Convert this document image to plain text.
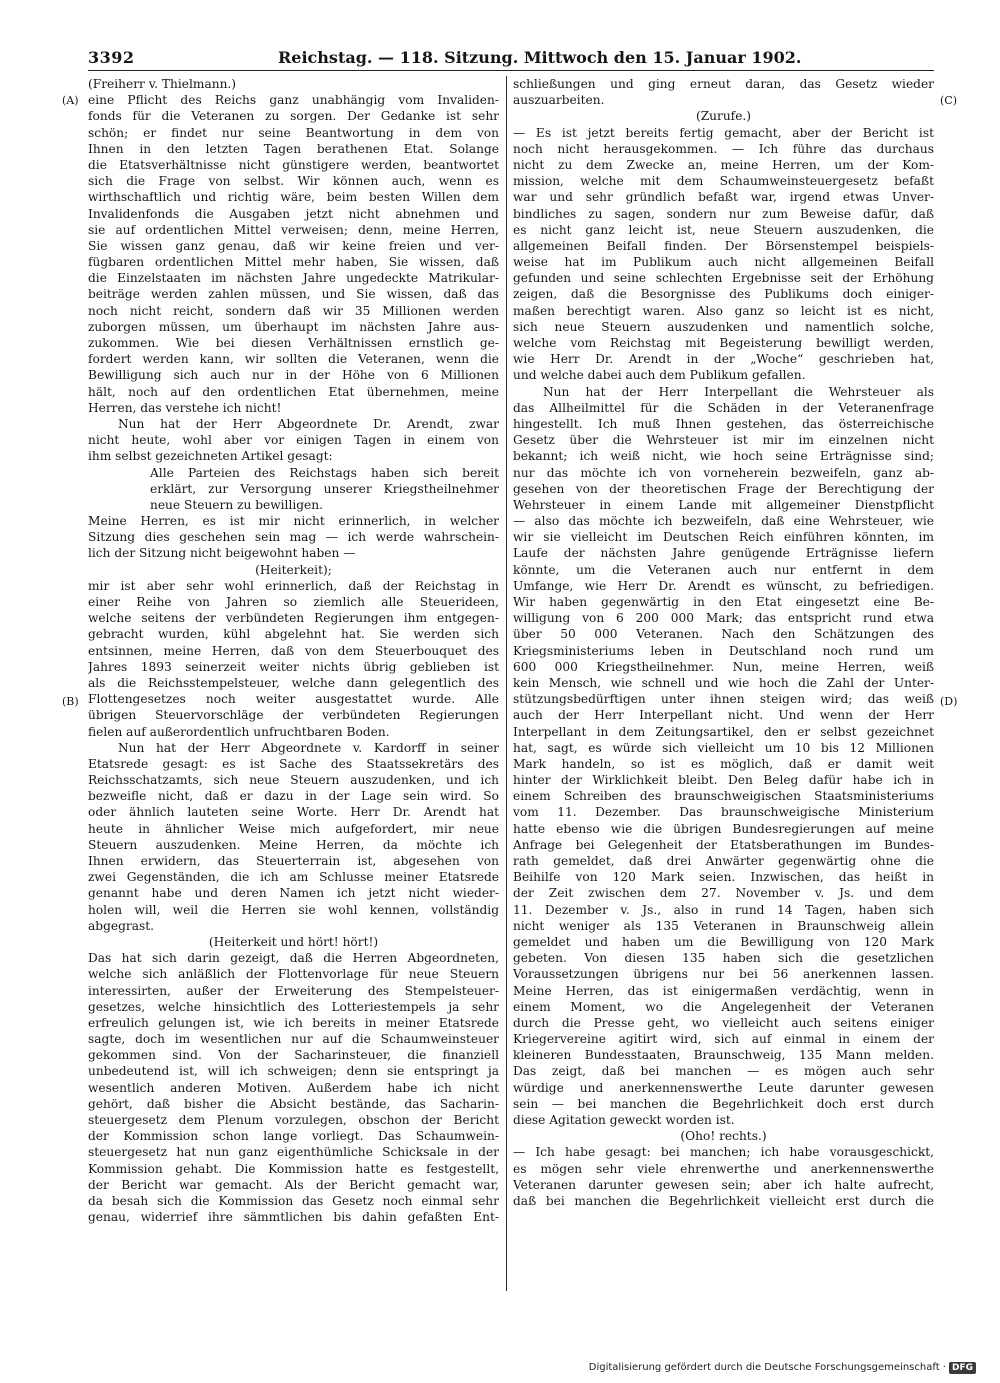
3392	Reichstag. — 118. Sitzung. Mittwoch den 15. Januar 1902.
(A)
(B)
(C)
(D)
(Freiherr v. Thielmann.)
eine Pflicht des Reichs ganz unabhängig vom Invaliden-
fonds für die Veteranen zu sorgen. Der Gedanke ist sehr
schön; er findet nur seine Beantwortung in dem von
Ihnen in den letzten Tagen berathenen Etat. Solange
die Etatsverhältnisse nicht günstigere werden, beantwortet
sich die Frage von selbst. Wir können auch, wenn es
wirthschaftlich und richtig wäre, beim besten Willen dem
Invalidenfonds die Ausgaben jetzt nicht abnehmen und
sie auf ordentlichen Mittel verweisen; denn, meine Herren,
Sie wissen ganz genau, daß wir keine freien und ver-
fügbaren ordentlichen Mittel mehr haben, Sie wissen, daß
die Einzelstaaten im nächsten Jahre ungedeckte Matrikular-
beiträge werden zahlen müssen, und Sie wissen, daß das
noch nicht reicht, sondern daß wir 35 Millionen werden
zuborgen müssen, um überhaupt im nächsten Jahre aus-
zukommen. Wie bei diesen Verhältnissen ernstlich ge-
fordert werden kann, wir sollten die Veteranen, wenn die
Bewilligung sich auch nur in der Höhe von 6 Millionen
hält, noch auf den ordentlichen Etat übernehmen, meine
Herren, das verstehe ich nicht!
Nun hat der Herr Abgeordnete Dr. Arendt, zwar
nicht heute, wohl aber vor einigen Tagen in einem von
ihm selbst gezeichneten Artikel gesagt:
Alle Parteien des Reichstags haben sich bereit
erklärt, zur Versorgung unserer Kriegstheilnehmer
neue Steuern zu bewilligen.
Meine Herren, es ist mir nicht erinnerlich, in welcher
Sitzung dies geschehen sein mag — ich werde wahrschein-
lich der Sitzung nicht beigewohnt haben —
(Heiterkeit);
mir ist aber sehr wohl erinnerlich, daß der Reichstag in
einer Reihe von Jahren so ziemlich alle Steuerideen,
welche seitens der verbündeten Regierungen ihm entgegen-
gebracht wurden, kühl abgelehnt hat. Sie werden sich
entsinnen, meine Herren, daß von dem Steuerbouquet des
Jahres 1893 seinerzeit weiter nichts übrig geblieben ist
als die Reichsstempelsteuer, welche dann gelegentlich des
Flottengesetzes noch weiter ausgestattet wurde. Alle
übrigen Steuervorschläge der verbündeten Regierungen
fielen auf außerordentlich unfruchtbaren Boden.
Nun hat der Herr Abgeordnete v. Kardorff in seiner
Etatsrede gesagt: es ist Sache des Staatssekretärs des
Reichsschatzamts, sich neue Steuern auszudenken, und ich
bezweifle nicht, daß er dazu in der Lage sein wird. So
oder ähnlich lauteten seine Worte. Herr Dr. Arendt hat
heute in ähnlicher Weise mich aufgefordert, mir neue
Steuern auszudenken. Meine Herren, da möchte ich
Ihnen erwidern, das Steuerterrain ist, abgesehen von
zwei Gegenständen, die ich am Schlusse meiner Etatsrede
genannt habe und deren Namen ich jetzt nicht wieder-
holen will, weil die Herren sie wohl kennen, vollständig
abgegrast.
(Heiterkeit und hört! hört!)
Das hat sich darin gezeigt, daß die Herren Abgeordneten,
welche sich anläßlich der Flottenvorlage für neue Steuern
interessirten, außer der Erweiterung des Stempelsteuer-
gesetzes, welche hinsichtlich des Lotteriestempels ja sehr
erfreulich gelungen ist, wie ich bereits in meiner Etatsrede
sagte, doch im wesentlichen nur auf die Schaumweinsteuer
gekommen sind. Von der Sacharinsteuer, die finanziell
unbedeutend ist, will ich schweigen; denn sie entspringt ja
wesentlich anderen Motiven. Außerdem habe ich nicht
gehört, daß bisher die Absicht bestände, das Sacharin-
steuergesetz dem Plenum vorzulegen, obschon der Bericht
der Kommission schon lange vorliegt. Das Schaumwein-
steuergesetz hat nun ganz eigenthümliche Schicksale in der
Kommission gehabt. Die Kommission hatte es festgestellt,
der Bericht war gemacht. Als der Bericht gemacht war,
da besah sich die Kommission das Gesetz noch einmal sehr
genau, widerrief ihre sämmtlichen bis dahin gefaßten Ent-
schließungen und ging erneut daran, das Gesetz wieder
auszuarbeiten.
(Zurufe.)
— Es ist jetzt bereits fertig gemacht, aber der Bericht ist
noch nicht herausgekommen. — Ich führe das durchaus
nicht zu dem Zwecke an, meine Herren, um der Kom-
mission, welche mit dem Schaumweinsteuergesetz befaßt
war und sehr gründlich befaßt war, irgend etwas Unver-
bindliches zu sagen, sondern nur zum Beweise dafür, daß
es nicht ganz leicht ist, neue Steuern auszudenken, die
allgemeinen Beifall finden. Der Börsenstempel beispiels-
weise hat im Publikum auch nicht allgemeinen Beifall
gefunden und seine schlechten Ergebnisse seit der Erhöhung
zeigen, daß die Besorgnisse des Publikums doch einiger-
maßen berechtigt waren. Also ganz so leicht ist es nicht,
sich neue Steuern auszudenken und namentlich solche,
welche vom Reichstag mit Begeisterung bewilligt werden,
wie Herr Dr. Arendt in der „Woche“ geschrieben hat,
und welche dabei auch dem Publikum gefallen.
Nun hat der Herr Interpellant die Wehrsteuer als
das Allheilmittel für die Schäden in der Veteranenfrage
hingestellt. Ich muß Ihnen gestehen, das österreichische
Gesetz über die Wehrsteuer ist mir im einzelnen nicht
bekannt; ich weiß nicht, wie hoch seine Erträgnisse sind;
nur das möchte ich von vorneherein bezweifeln, ganz ab-
gesehen von der theoretischen Frage der Berechtigung der
Wehrsteuer in einem Lande mit allgemeiner Dienstpflicht
— also das möchte ich bezweifeln, daß eine Wehrsteuer, wie
wir sie vielleicht im Deutschen Reich einführen könnten, im
Laufe der nächsten Jahre genügende Erträgnisse liefern
könnte, um die Veteranen auch nur entfernt in dem
Umfange, wie Herr Dr. Arendt es wünscht, zu befriedigen.
Wir haben gegenwärtig in den Etat eingesetzt eine Be-
willigung von 6 200 000 Mark; das entspricht rund etwa
über 50 000 Veteranen. Nach den Schätzungen des
Kriegsministeriums leben in Deutschland noch rund um
600 000 Kriegstheilnehmer. Nun, meine Herren, weiß
kein Mensch, wie schnell und wie hoch die Zahl der Unter-
stützungsbedürftigen unter ihnen steigen wird; das weiß
auch der Herr Interpellant nicht. Und wenn der Herr
Interpellant in dem Zeitungsartikel, den er selbst gezeichnet
hat, sagt, es würde sich vielleicht um 10 bis 12 Millionen
Mark handeln, so ist es möglich, daß er damit weit
hinter der Wirklichkeit bleibt. Den Beleg dafür habe ich in
einem Schreiben des braunschweigischen Staatsministeriums
vom 11. Dezember. Das braunschweigische Ministerium
hatte ebenso wie die übrigen Bundesregierungen auf meine
Anfrage bei Gelegenheit der Etatsberathungen im Bundes-
rath gemeldet, daß drei Anwärter gegenwärtig ohne die
Beihilfe von 120 Mark seien. Inzwischen, das heißt in
der Zeit zwischen dem 27. November v. Js. und dem
11. Dezember v. Js., also in rund 14 Tagen, haben sich
nicht weniger als 135 Veteranen in Braunschweig allein
gemeldet und haben um die Bewilligung von 120 Mark
gebeten. Von diesen 135 haben sich die gesetzlichen
Voraussetzungen übrigens nur bei 56 anerkennen lassen.
Meine Herren, das ist einigermaßen verdächtig, wenn in
einem Moment, wo die Angelegenheit der Veteranen
durch die Presse geht, wo vielleicht auch seitens einiger
Kriegervereine agitirt wird, sich auf einmal in einem der
kleineren Bundesstaaten, Braunschweig, 135 Mann melden.
Das zeigt, daß bei manchen — es mögen auch sehr
würdige und anerkennenswerthe Leute darunter gewesen
sein — bei manchen die Begehrlichkeit doch erst durch
diese Agitation geweckt worden ist.
(Oho! rechts.)
— Ich habe gesagt: bei manchen; ich habe vorausgeschickt,
es mögen sehr viele ehrenwerthe und anerkennenswerthe
Veteranen darunter gewesen sein; aber ich halte aufrecht,
daß bei manchen die Begehrlichkeit vielleicht erst durch die
Digitalisierung gefördert durch die Deutsche Forschungsgemeinschaft · DFG
